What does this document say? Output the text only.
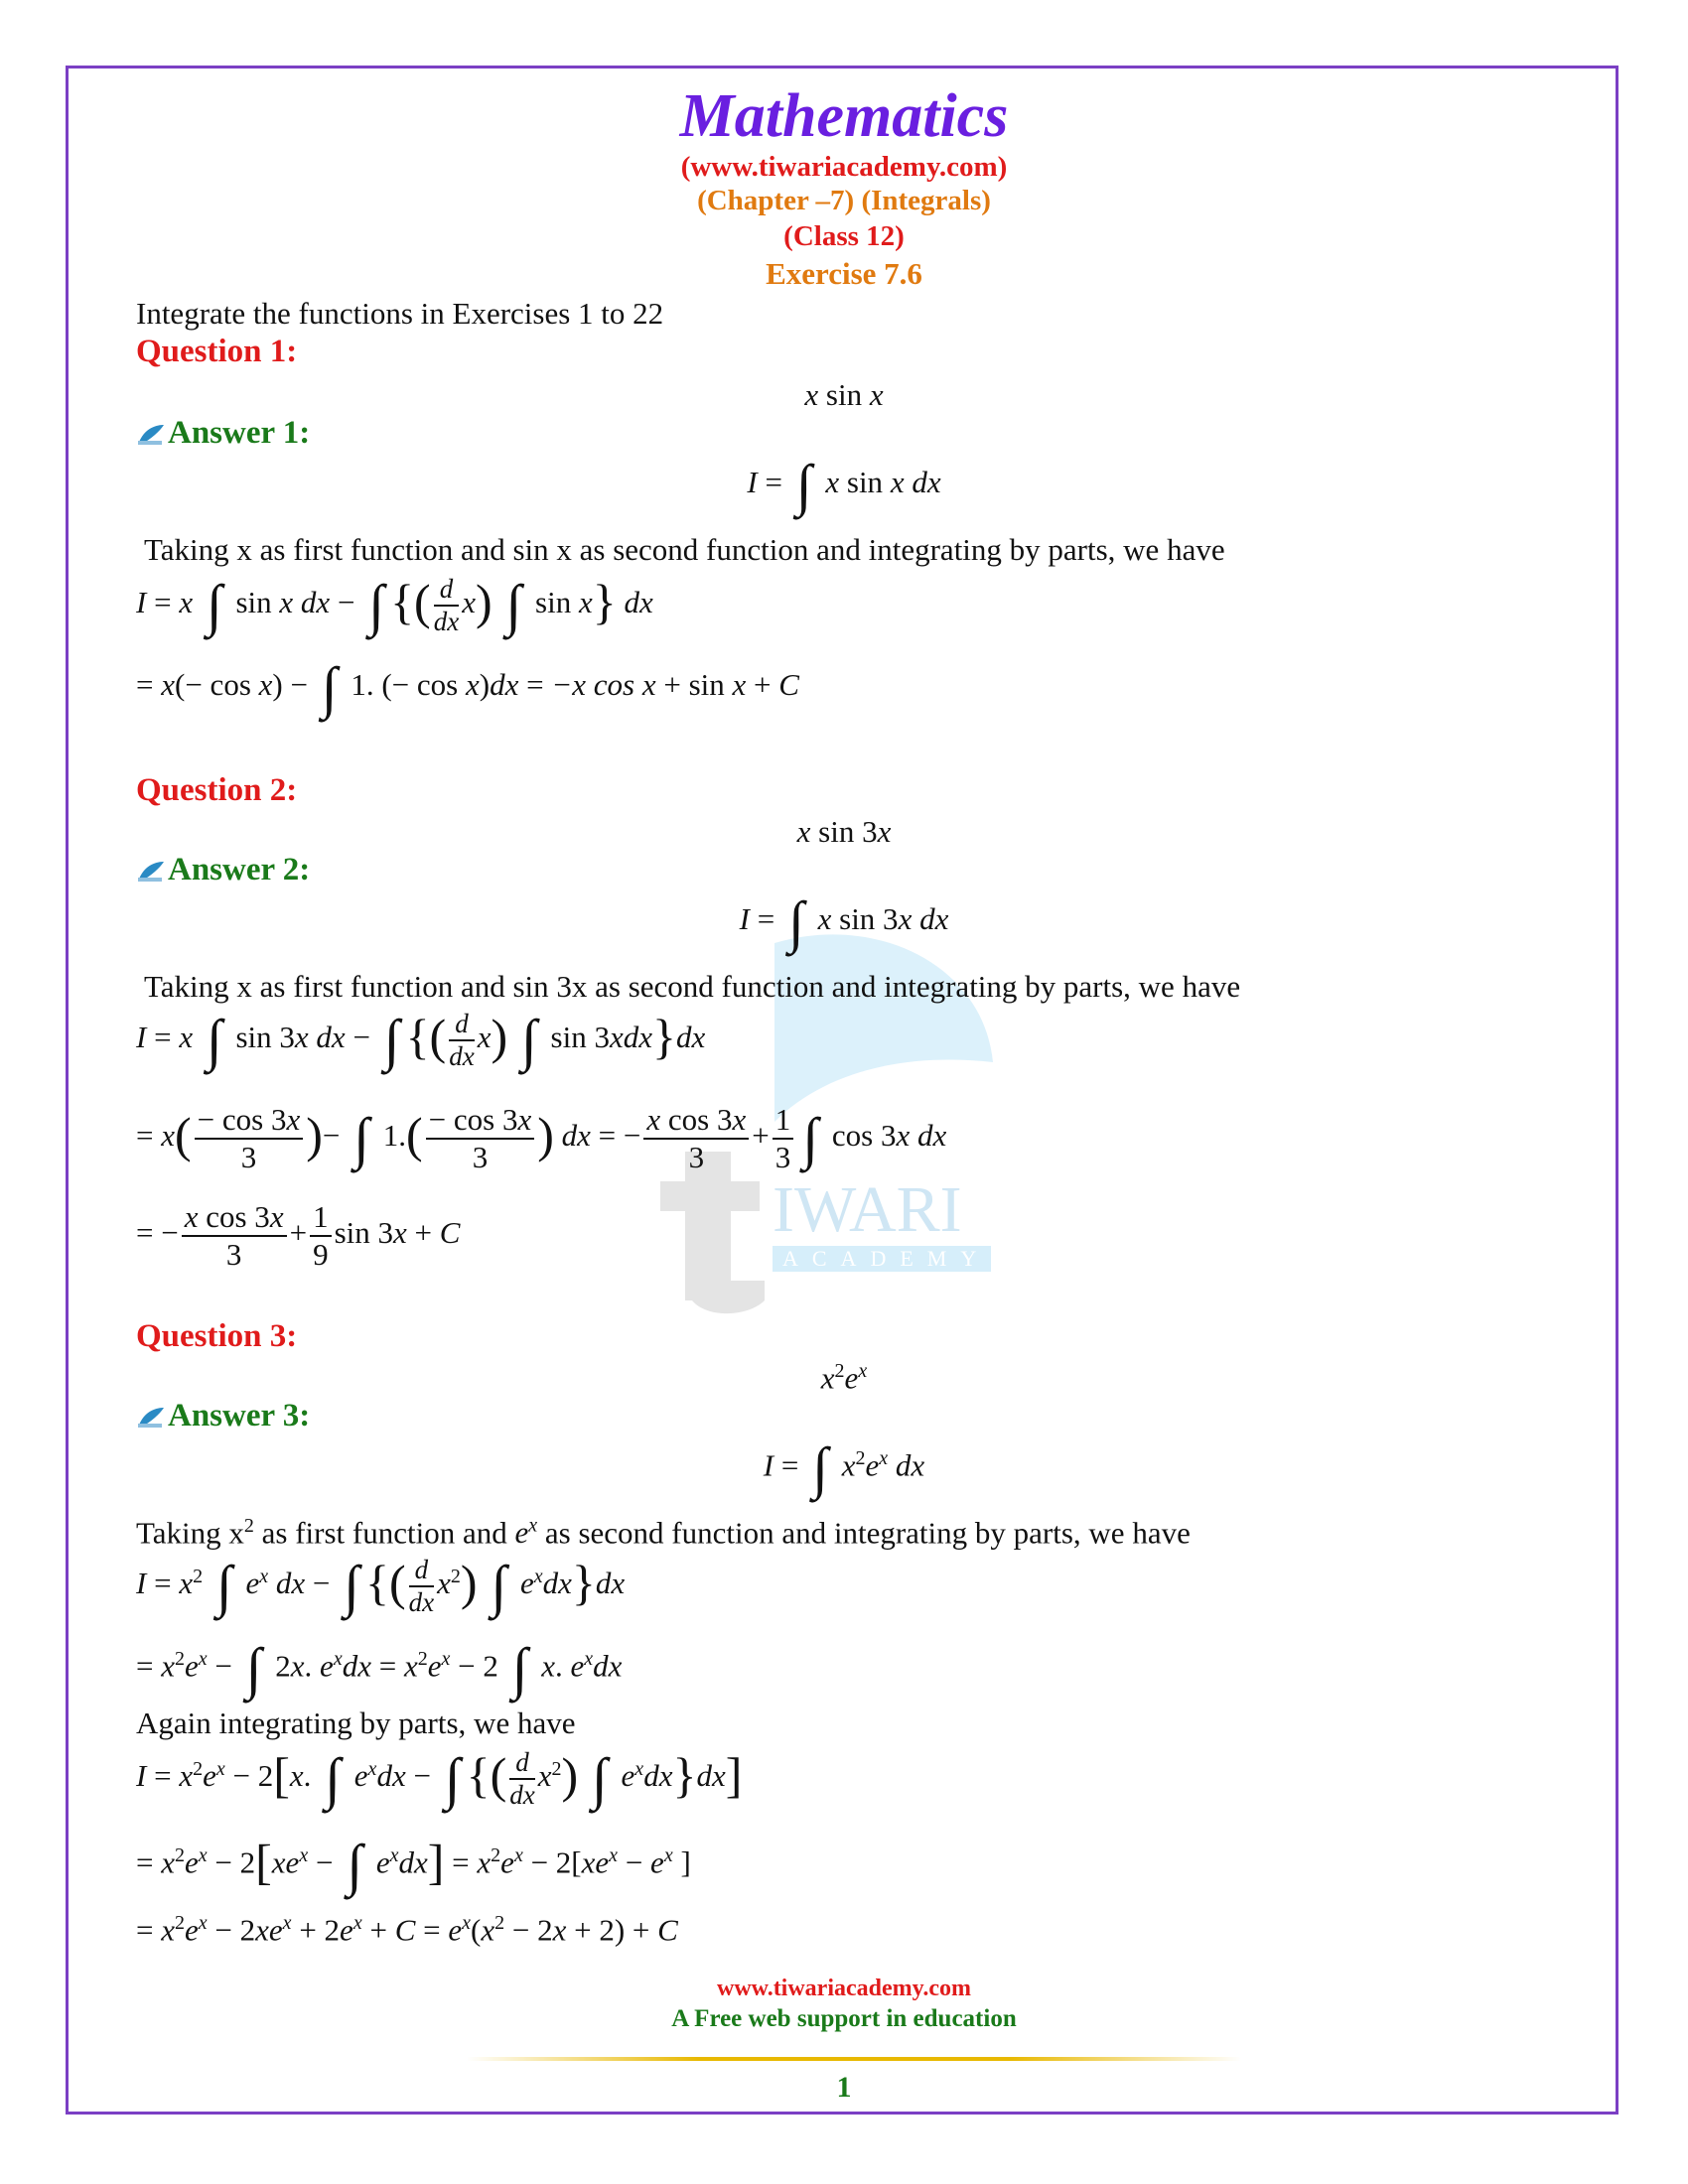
IWARI
ACADEMY
Mathematics
(www.tiwariacademy.com)
(Chapter –7) (Integrals)
(Class 12)
Exercise 7.6
Integrate the functions in Exercises 1 to 22
Question 1:
x sin x
Answer 1:
I = ∫ x sin x dx
Taking x as first function and sin x as second function and integrating by parts, we have
I = x ∫ sin x dx − ∫ {( $\frac{d}{dx} x$) ∫ sin x} dx
= x(− cos x) − ∫ 1. (− cos x)dx = −x cos x + sin x + C
Question 2:
x sin 3x
Answer 2:
I = ∫ x sin 3x dx
Taking x as first function and sin 3x as second function and integrating by parts, we have
I = x ∫ sin 3x dx − ∫ {( $\frac{d}{dx} x$) ∫ sin 3xdx}dx
= $x( \frac{- \cos 3x}{3}$ )− ∫ $1.( \frac{- \cos 3x}{3}$ ) dx = − $\frac{\text{x cos 3x}}{3} + \frac{1}{3}$ ∫ cos 3x dx
= − $\frac{\text{x cos 3x}}{3} + \frac{1}{9}$ sin 3x + C
Question 3:
$x^2e^x$
Answer 3:
I = ∫ $x^2e^x$ dx
Taking $x^2$ as first function and $e^x$ as second function and integrating by parts, we have
$I = x^2$ ∫ $e^x$ dx − ∫ {( $\frac{d}{dx} x^2$) ∫ $e^xdx\}dx$
= $x^2e^x$ − ∫ 2x. $e^xdx = x^2e^x - 2$ ∫ x. $e^xdx$
Again integrating by parts, we have
$I = x^2e^x - 2[x$. ∫ $e^xdx$ − ∫ {( $\frac{d}{dx} x^2$) ∫ $e^xdx\}dx$]
= $x^2e^x - 2[xe^x$ − ∫ $e^xdx] = x^2e^x - 2[xe^x - e^x$ ]
= $x^2e^x - 2xe^x + 2e^x + C = e^x(x^2 - 2x + 2) + C$
www.tiwariacademy.com
A Free web support in education
1
